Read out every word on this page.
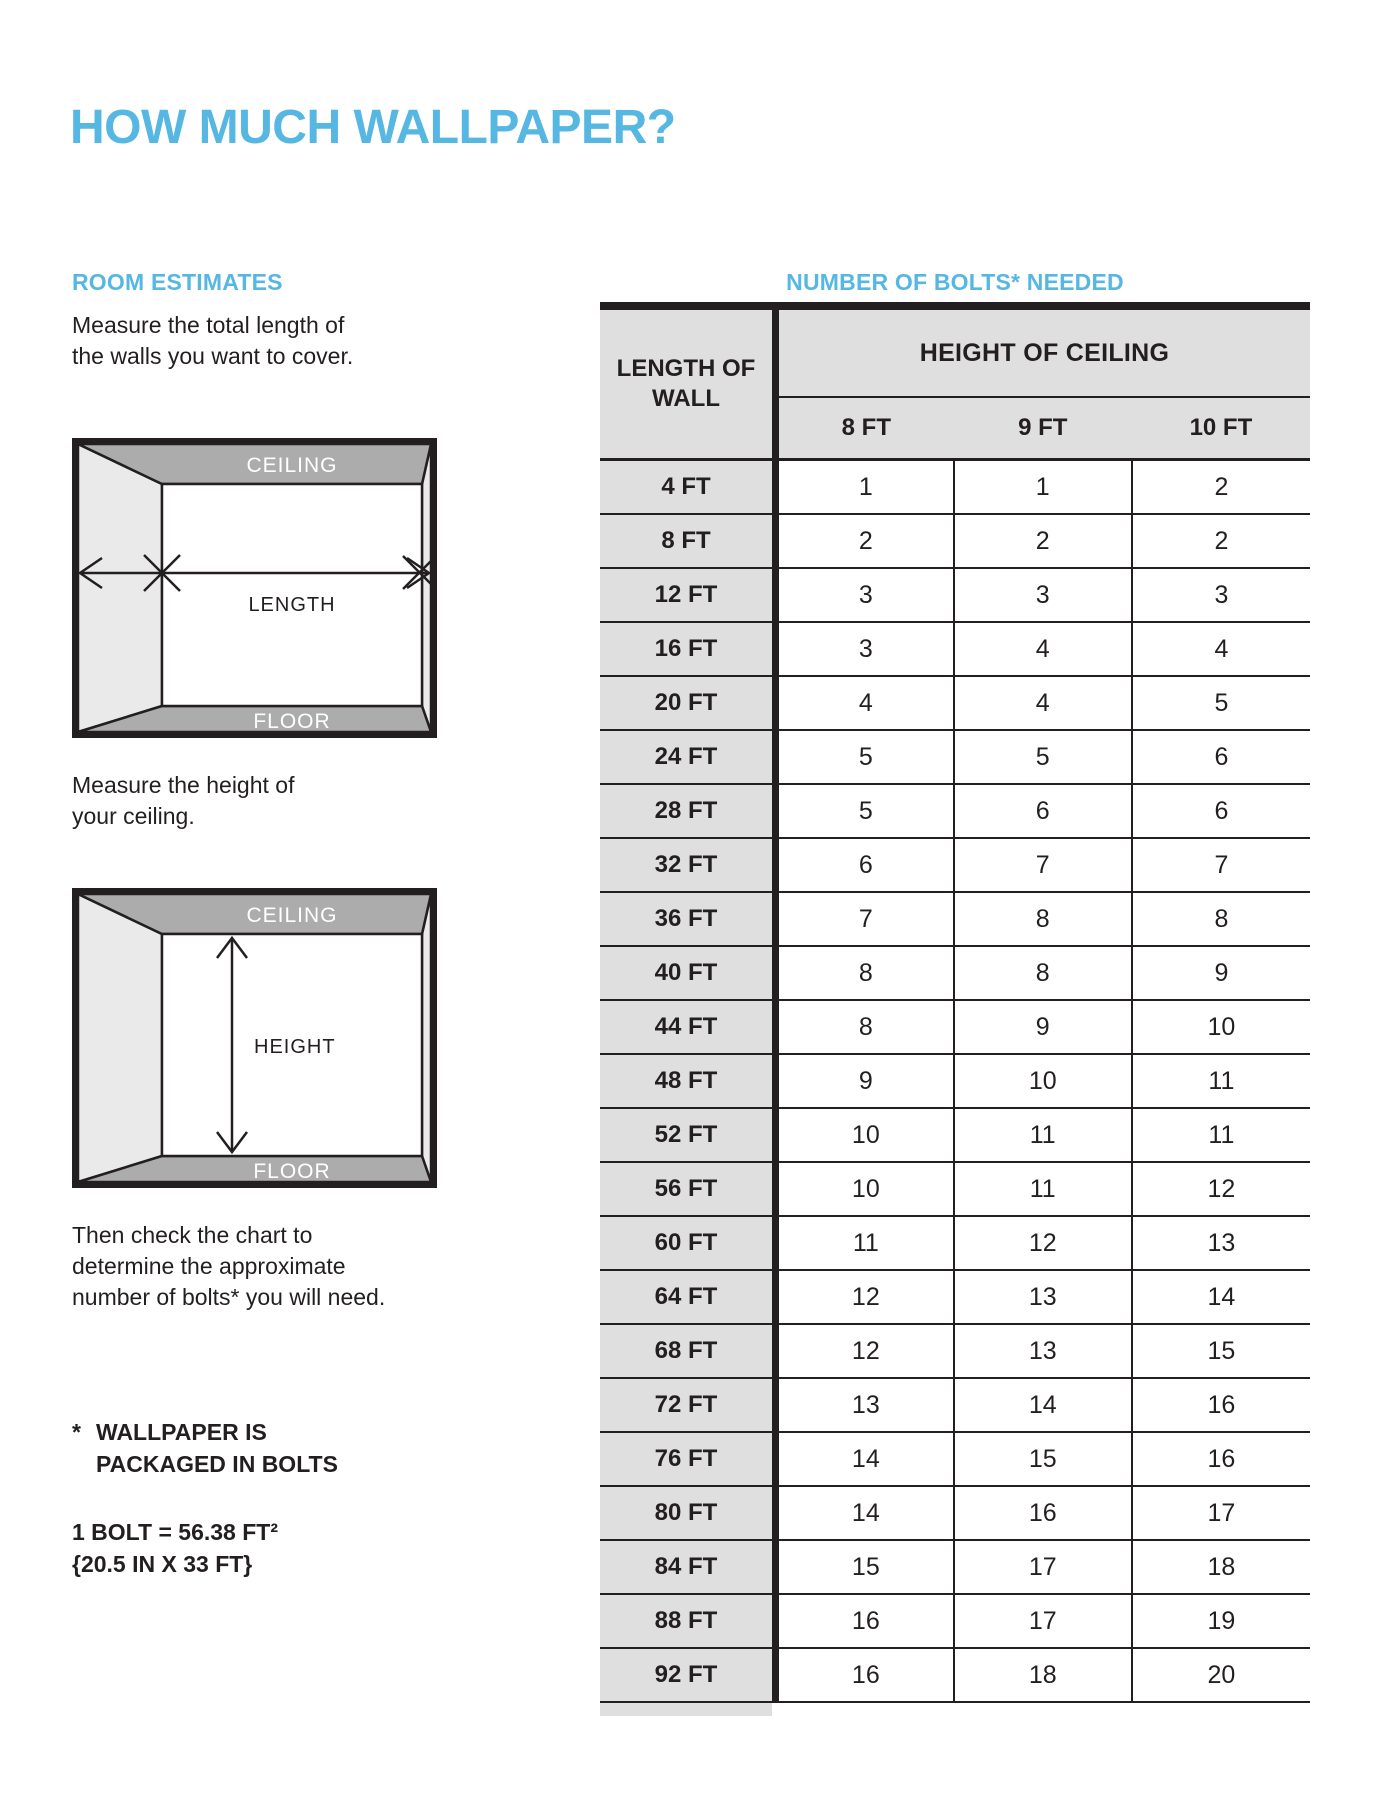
HOW MUCH WALLPAPER?
ROOM ESTIMATES
Measure the total length of
the walls you want to cover.
CEILING
FLOOR
LENGTH
Measure the height of
your ceiling.
CEILING
FLOOR
HEIGHT
Then check the chart to
determine the approximate
number of bolts* you will need.
* WALLPAPER IS
PACKAGED IN BOLTS
1 BOLT = 56.38 FT²
{20.5 IN X 33 FT}
NUMBER OF BOLTS* NEEDED
LENGTH OF WALL	HEIGHT OF CEILING		
	8 FT	9 FT	10 FT
4 FT	1	1	2
8 FT	2	2	2
12 FT	3	3	3
16 FT	3	4	4
20 FT	4	4	5
24 FT	5	5	6
28 FT	5	6	6
32 FT	6	7	7
36 FT	7	8	8
40 FT	8	8	9
44 FT	8	9	10
48 FT	9	10	11
52 FT	10	11	11
56 FT	10	11	12
60 FT	11	12	13
64 FT	12	13	14
68 FT	12	13	15
72 FT	13	14	16
76 FT	14	15	16
80 FT	14	16	17
84 FT	15	17	18
88 FT	16	17	19
92 FT	16	18	20
